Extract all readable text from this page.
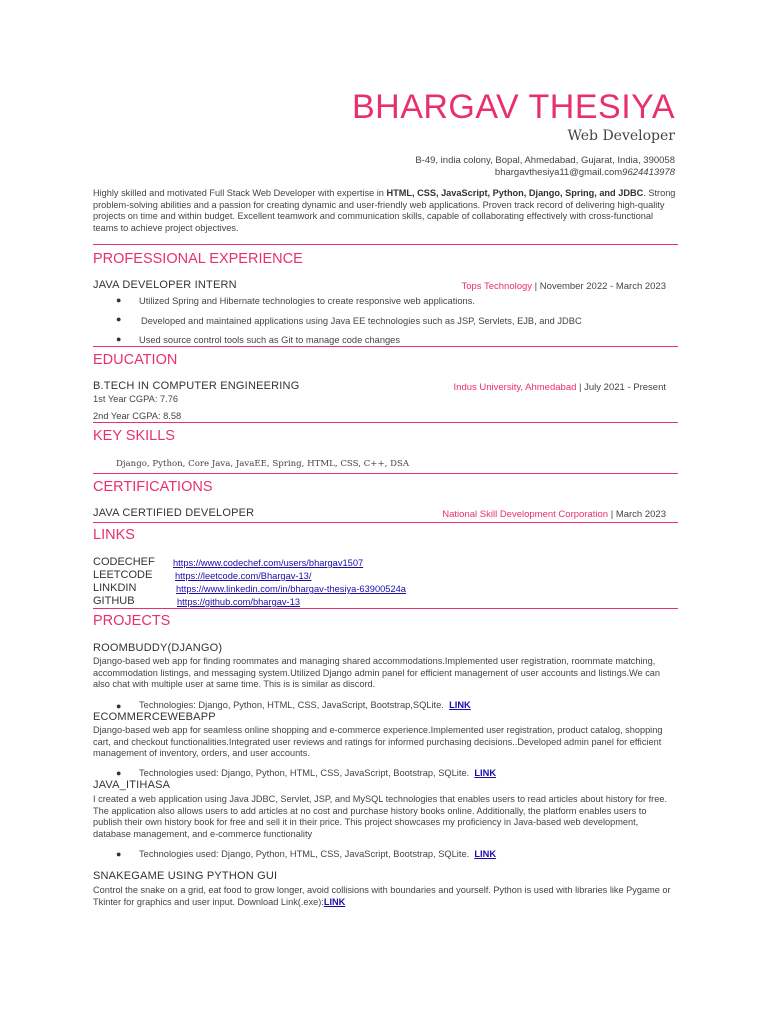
BHARGAV THESIYA
Web Developer
B-49, india colony, Bopal, Ahmedabad, Gujarat, India, 390058
bhargavthesiya11@gmail.com9624413978
Highly skilled and motivated Full Stack Web Developer with expertise in HTML, CSS, JavaScript, Python, Django, Spring, and JDBC. Strong problem-solving abilities and a passion for creating dynamic and user-friendly web applications. Proven track record of delivering high-quality projects on time and within budget. Excellent teamwork and communication skills, capable of collaborating effectively with cross-functional teams to achieve project objectives.
PROFESSIONAL EXPERIENCE
JAVA DEVELOPER INTERN	Tops Technology | November 2022 - March 2023
● Utilized Spring and Hibernate technologies to create responsive web applications.
● Developed and maintained applications using Java EE technologies such as JSP, Servlets, EJB, and JDBC
● Used source control tools such as Git to manage code changes
EDUCATION
B.TECH IN COMPUTER ENGINEERING	Indus University, Ahmedabad | July 2021 - Present
1st Year CGPA: 7.76
2nd Year CGPA: 8.58
KEY SKILLS
Django, Python, Core Java, JavaEE, Spring, HTML, CSS, C++, DSA
CERTIFICATIONS
JAVA CERTIFIED DEVELOPER	National Skill Development Corporation | March 2023
LINKS
CODECHEF https://www.codechef.com/users/bhargav1507
LEETCODE https://leetcode.com/Bhargav-13/
LINKDIN	https://www.linkedin.com/in/bhargav-thesiya-63900524a
GITHUB	https://github.com/bhargav-13
PROJECTS
ROOMBUDDY(DJANGO)
Django-based web app for finding roommates and managing shared accommodations.Implemented user registration, roommate matching, accommodation listings, and messaging system.Utilized Django admin panel for efficient management of user accounts and listings.We can also chat with multiple user at same time. This is is similar as discord.
● Technologies: Django, Python, HTML, CSS, JavaScript, Bootstrap,SQLite. LINK
ECOMMERCEWEBAPP
Django-based web app for seamless online shopping and e-commerce experience.Implemented user registration, product catalog, shopping cart, and checkout functionalities.Integrated user reviews and ratings for informed purchasing decisions..Developed admin panel for efficient management of inventory, orders, and user accounts.
● Technologies used: Django, Python, HTML, CSS, JavaScript, Bootstrap, SQLite. LINK
JAVA_ITIHASA
I created a web application using Java JDBC, Servlet, JSP, and MySQL technologies that enables users to read articles about history for free. The application also allows users to add articles at no cost and purchase history books online. Additionally, the platform enables users to publish their own history book for free and sell it in their price. This project showcases my proficiency in Java-based web development, database management, and e-commerce functionality
● Technologies used: Django, Python, HTML, CSS, JavaScript, Bootstrap, SQLite. LINK
SNAKEGAME USING PYTHON GUI
Control the snake on a grid, eat food to grow longer, avoid collisions with boundaries and yourself. Python is used with libraries like Pygame or Tkinter for graphics and user input. Download Link(.exe):LINK
